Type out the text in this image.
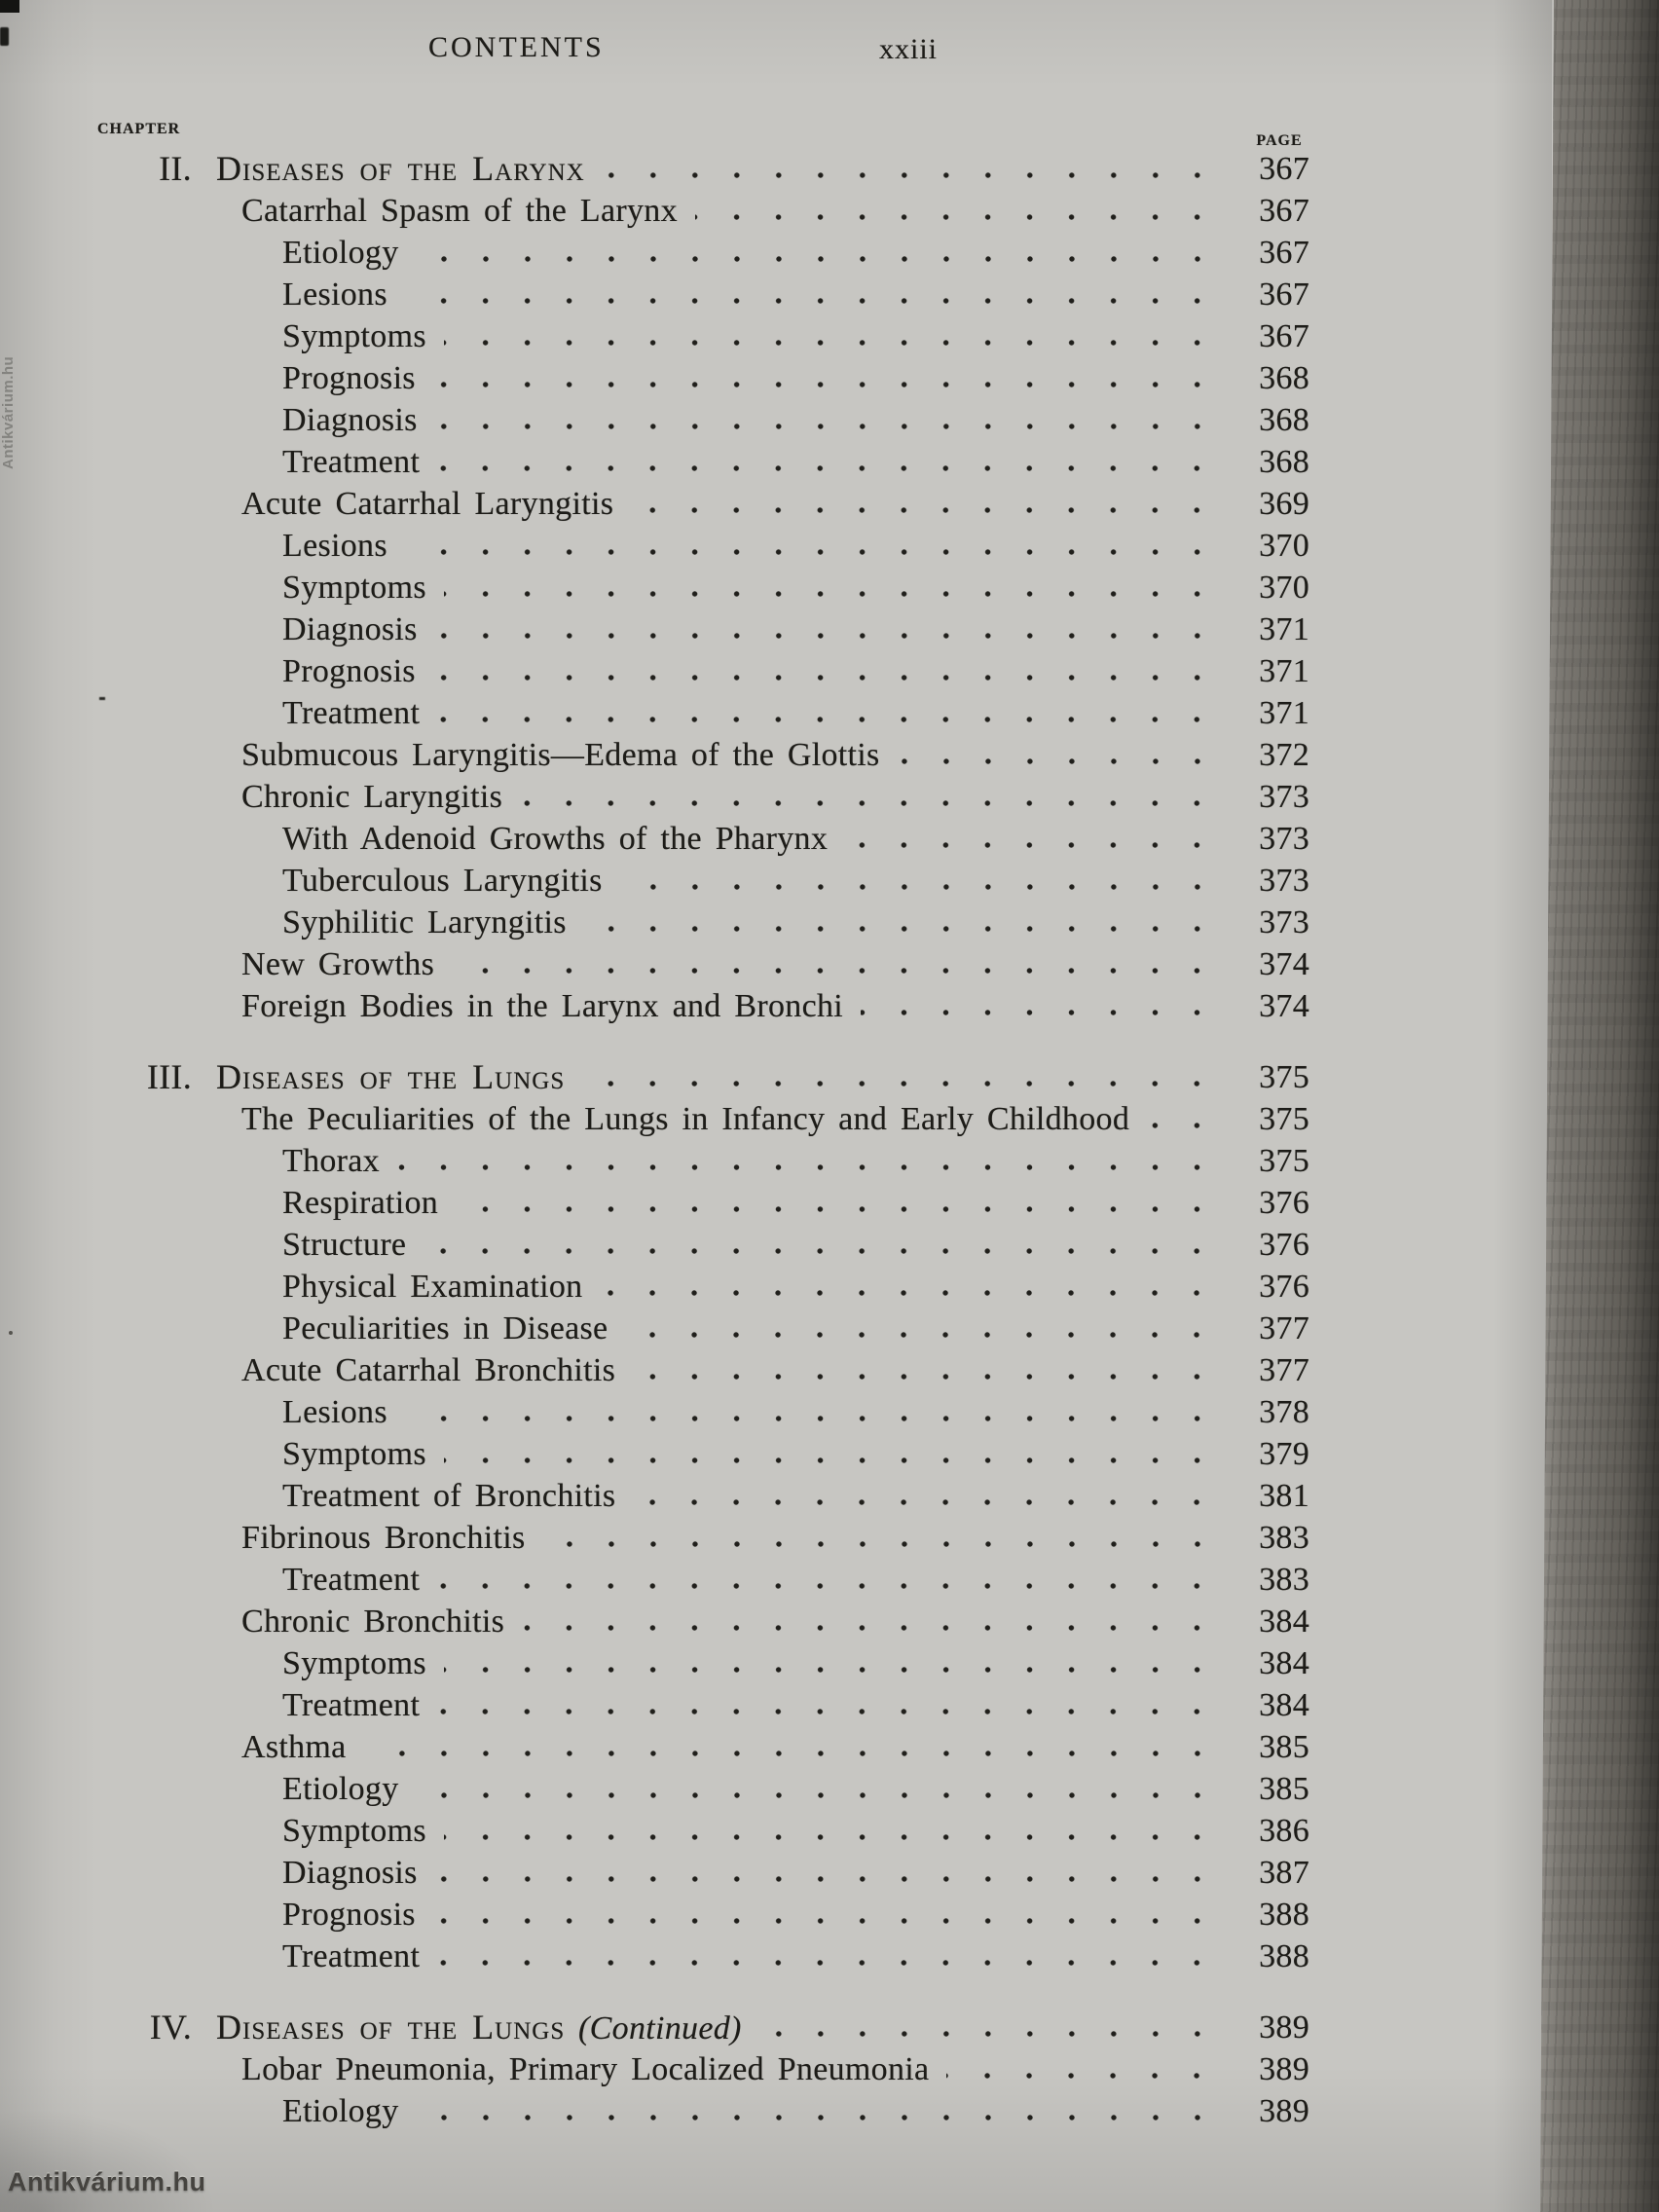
CONTENTS	xxiii
CHAPTER
PAGE
II. Diseases of the Larynx	367
Catarrhal Spasm of the Larynx	367
Etiology	367
Lesions	367
Symptoms	367
Prognosis	368
Diagnosis	368
Treatment	368
Acute Catarrhal Laryngitis	369
Lesions	370
Symptoms	370
Diagnosis	371
Prognosis	371
Treatment	371
Submucous Laryngitis—Edema of the Glottis	372
Chronic Laryngitis	373
With Adenoid Growths of the Pharynx	373
Tuberculous Laryngitis	373
Syphilitic Laryngitis	373
New Growths	374
Foreign Bodies in the Larynx and Bronchi	374
III. Diseases of the Lungs	375
The Peculiarities of the Lungs in Infancy and Early Childhood	375
Thorax	375
Respiration	376
Structure	376
Physical Examination	376
Peculiarities in Disease	377
Acute Catarrhal Bronchitis	377
Lesions	378
Symptoms	379
Treatment of Bronchitis	381
Fibrinous Bronchitis	383
Treatment	383
Chronic Bronchitis	384
Symptoms	384
Treatment	384
Asthma	385
Etiology	385
Symptoms	386
Diagnosis	387
Prognosis	388
Treatment	388
IV. Diseases of the Lungs (Continued)	389
Lobar Pneumonia, Primary Localized Pneumonia	389
Etiology	389
Antikvárium.hu
Antikvárium.hu
